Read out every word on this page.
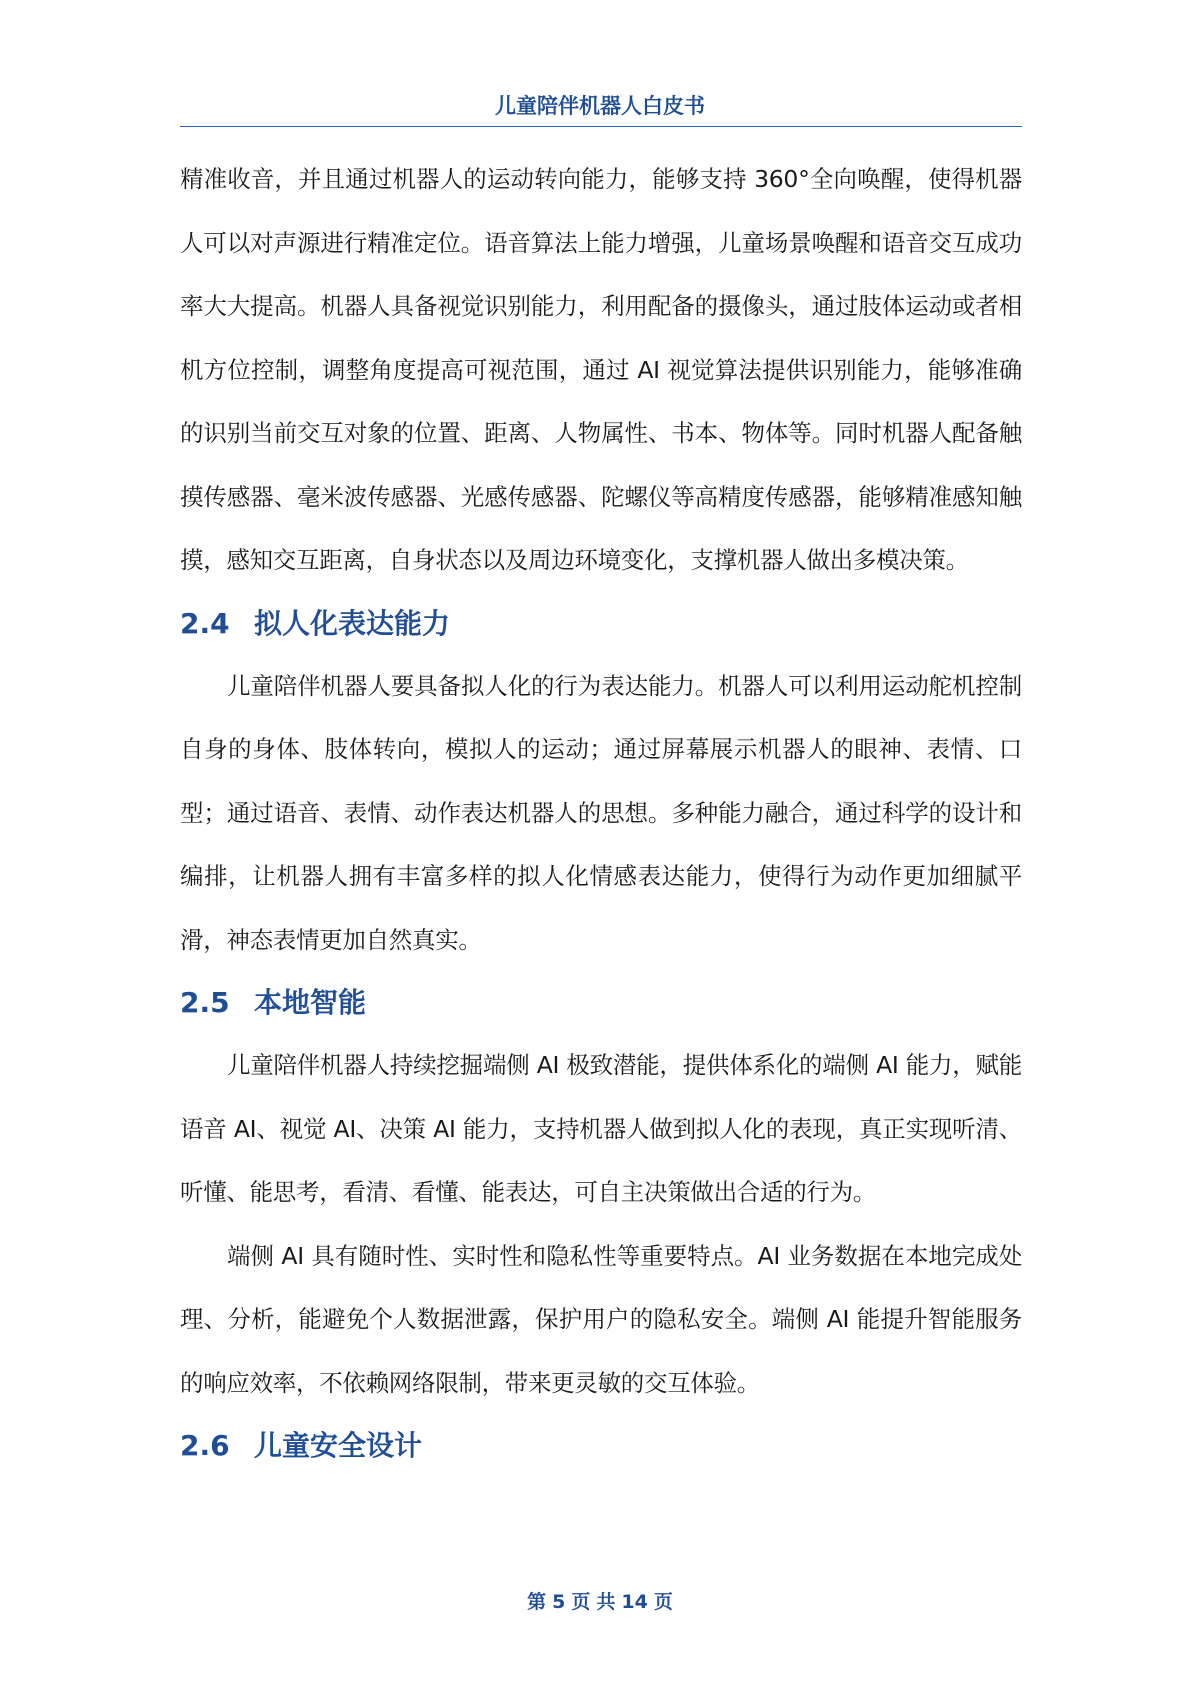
儿童陪伴机器人白皮书

精准收音，并且通过机器人的运动转向能力，能够支持 360°全向唤醒，使得机器人可以对声源进行精准定位。语音算法上能力增强，儿童场景唤醒和语音交互成功率大大提高。机器人具备视觉识别能力，利用配备的摄像头，通过肢体运动或者相机方位控制，调整角度提高可视范围，通过 AI 视觉算法提供识别能力，能够准确的识别当前交互对象的位置、距离、人物属性、书本、物体等。同时机器人配备触摸传感器、毫米波传感器、光感传感器、陀螺仪等高精度传感器，能够精准感知触摸，感知交互距离，自身状态以及周边环境变化，支撑机器人做出多模决策。

2.4 拟人化表达能力

儿童陪伴机器人要具备拟人化的行为表达能力。机器人可以利用运动舵机控制自身的身体、肢体转向，模拟人的运动；通过屏幕展示机器人的眼神、表情、口型；通过语音、表情、动作表达机器人的思想。多种能力融合，通过科学的设计和编排，让机器人拥有丰富多样的拟人化情感表达能力，使得行为动作更加细腻平滑，神态表情更加自然真实。

2.5 本地智能

儿童陪伴机器人持续挖掘端侧 AI 极致潜能，提供体系化的端侧 AI 能力，赋能语音 AI、视觉 AI、决策 AI 能力，支持机器人做到拟人化的表现，真正实现听清、听懂、能思考，看清、看懂、能表达，可自主决策做出合适的行为。

端侧 AI 具有随时性、实时性和隐私性等重要特点。AI 业务数据在本地完成处理、分析，能避免个人数据泄露，保护用户的隐私安全。端侧 AI 能提升智能服务的响应效率，不依赖网络限制，带来更灵敏的交互体验。

2.6 儿童安全设计
第 5 页 共 14 页
